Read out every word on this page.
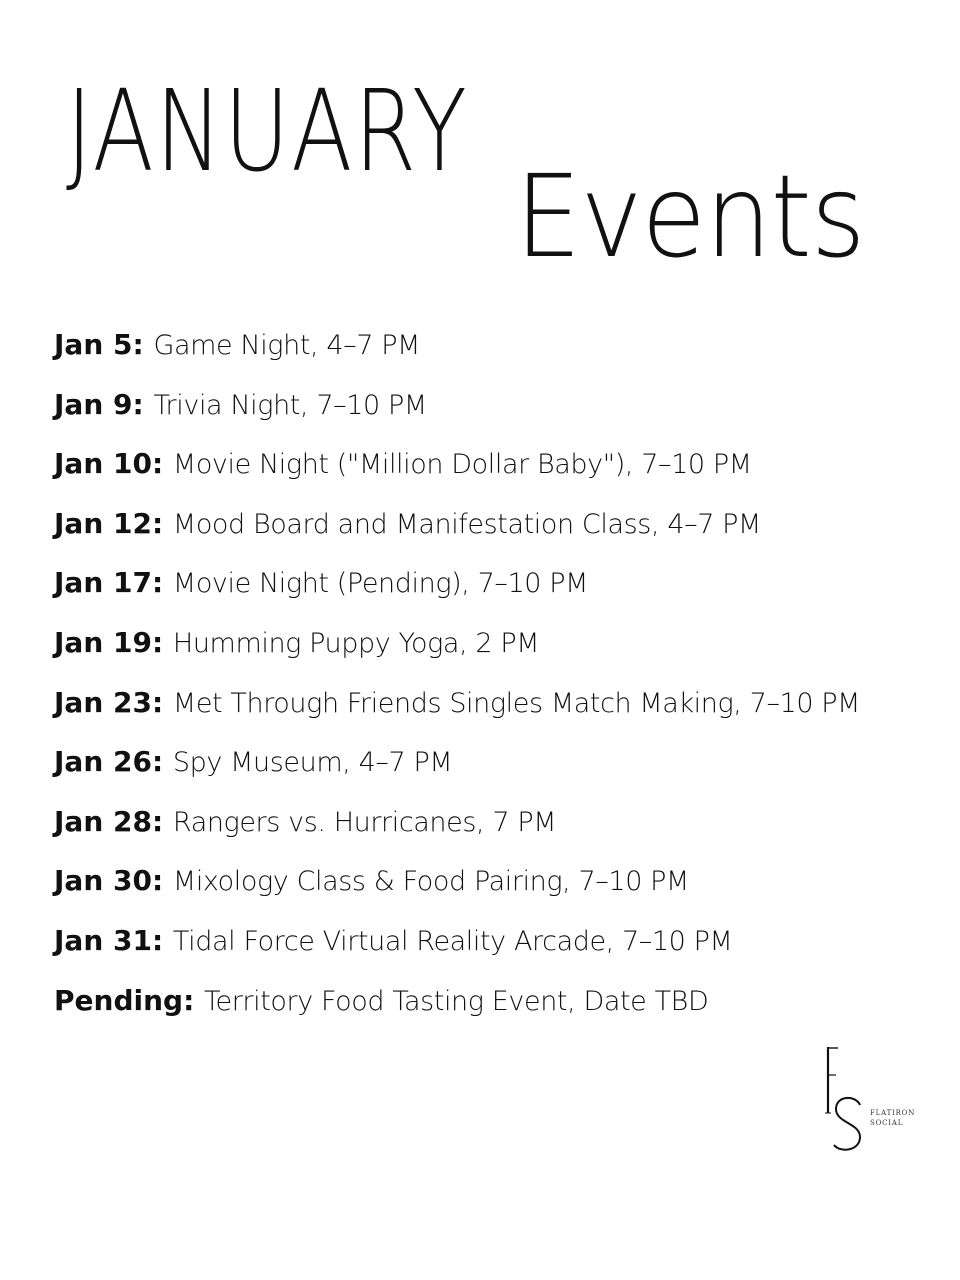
JANUARY
Events
Jan 5: Game Night, 4–7 PM
Jan 9: Trivia Night, 7–10 PM
Jan 10: Movie Night ("Million Dollar Baby"), 7–10 PM
Jan 12: Mood Board and Manifestation Class, 4–7 PM
Jan 17: Movie Night (Pending), 7–10 PM
Jan 19: Humming Puppy Yoga, 2 PM
Jan 23: Met Through Friends Singles Match Making, 7–10 PM
Jan 26: Spy Museum, 4–7 PM
Jan 28: Rangers vs. Hurricanes, 7 PM
Jan 30: Mixology Class & Food Pairing, 7–10 PM
Jan 31: Tidal Force Virtual Reality Arcade, 7–10 PM
Pending: Territory Food Tasting Event, Date TBD
FLATIRON
SOCIAL
